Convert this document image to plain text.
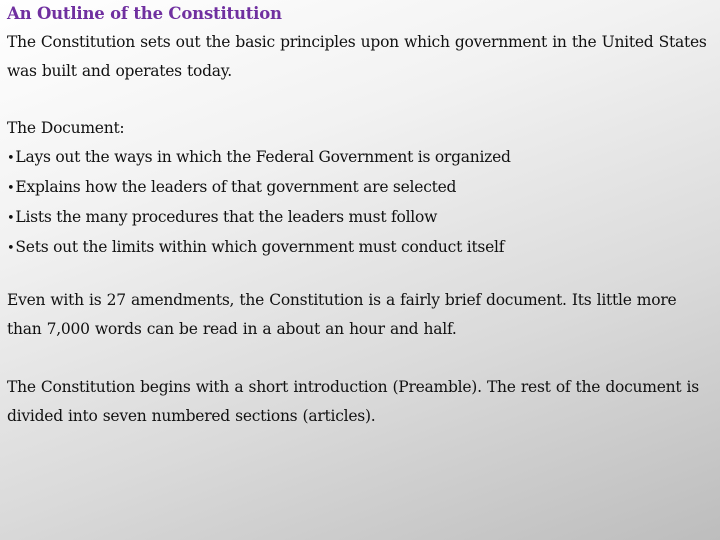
An Outline of the Constitution

The Constitution sets out the basic principles upon which government in the United States was built and operates today.

The Document:

•Lays out the ways in which the Federal Government is organized
•Explains how the leaders of that government are selected
•Lists the many procedures that the leaders must follow
•Sets out the limits within which government must conduct itself

Even with is 27 amendments, the Constitution is a fairly brief document. Its little more than 7,000 words can be read in a about an hour and half.

The Constitution begins with a short introduction (Preamble). The rest of the document is divided into seven numbered sections (articles).
